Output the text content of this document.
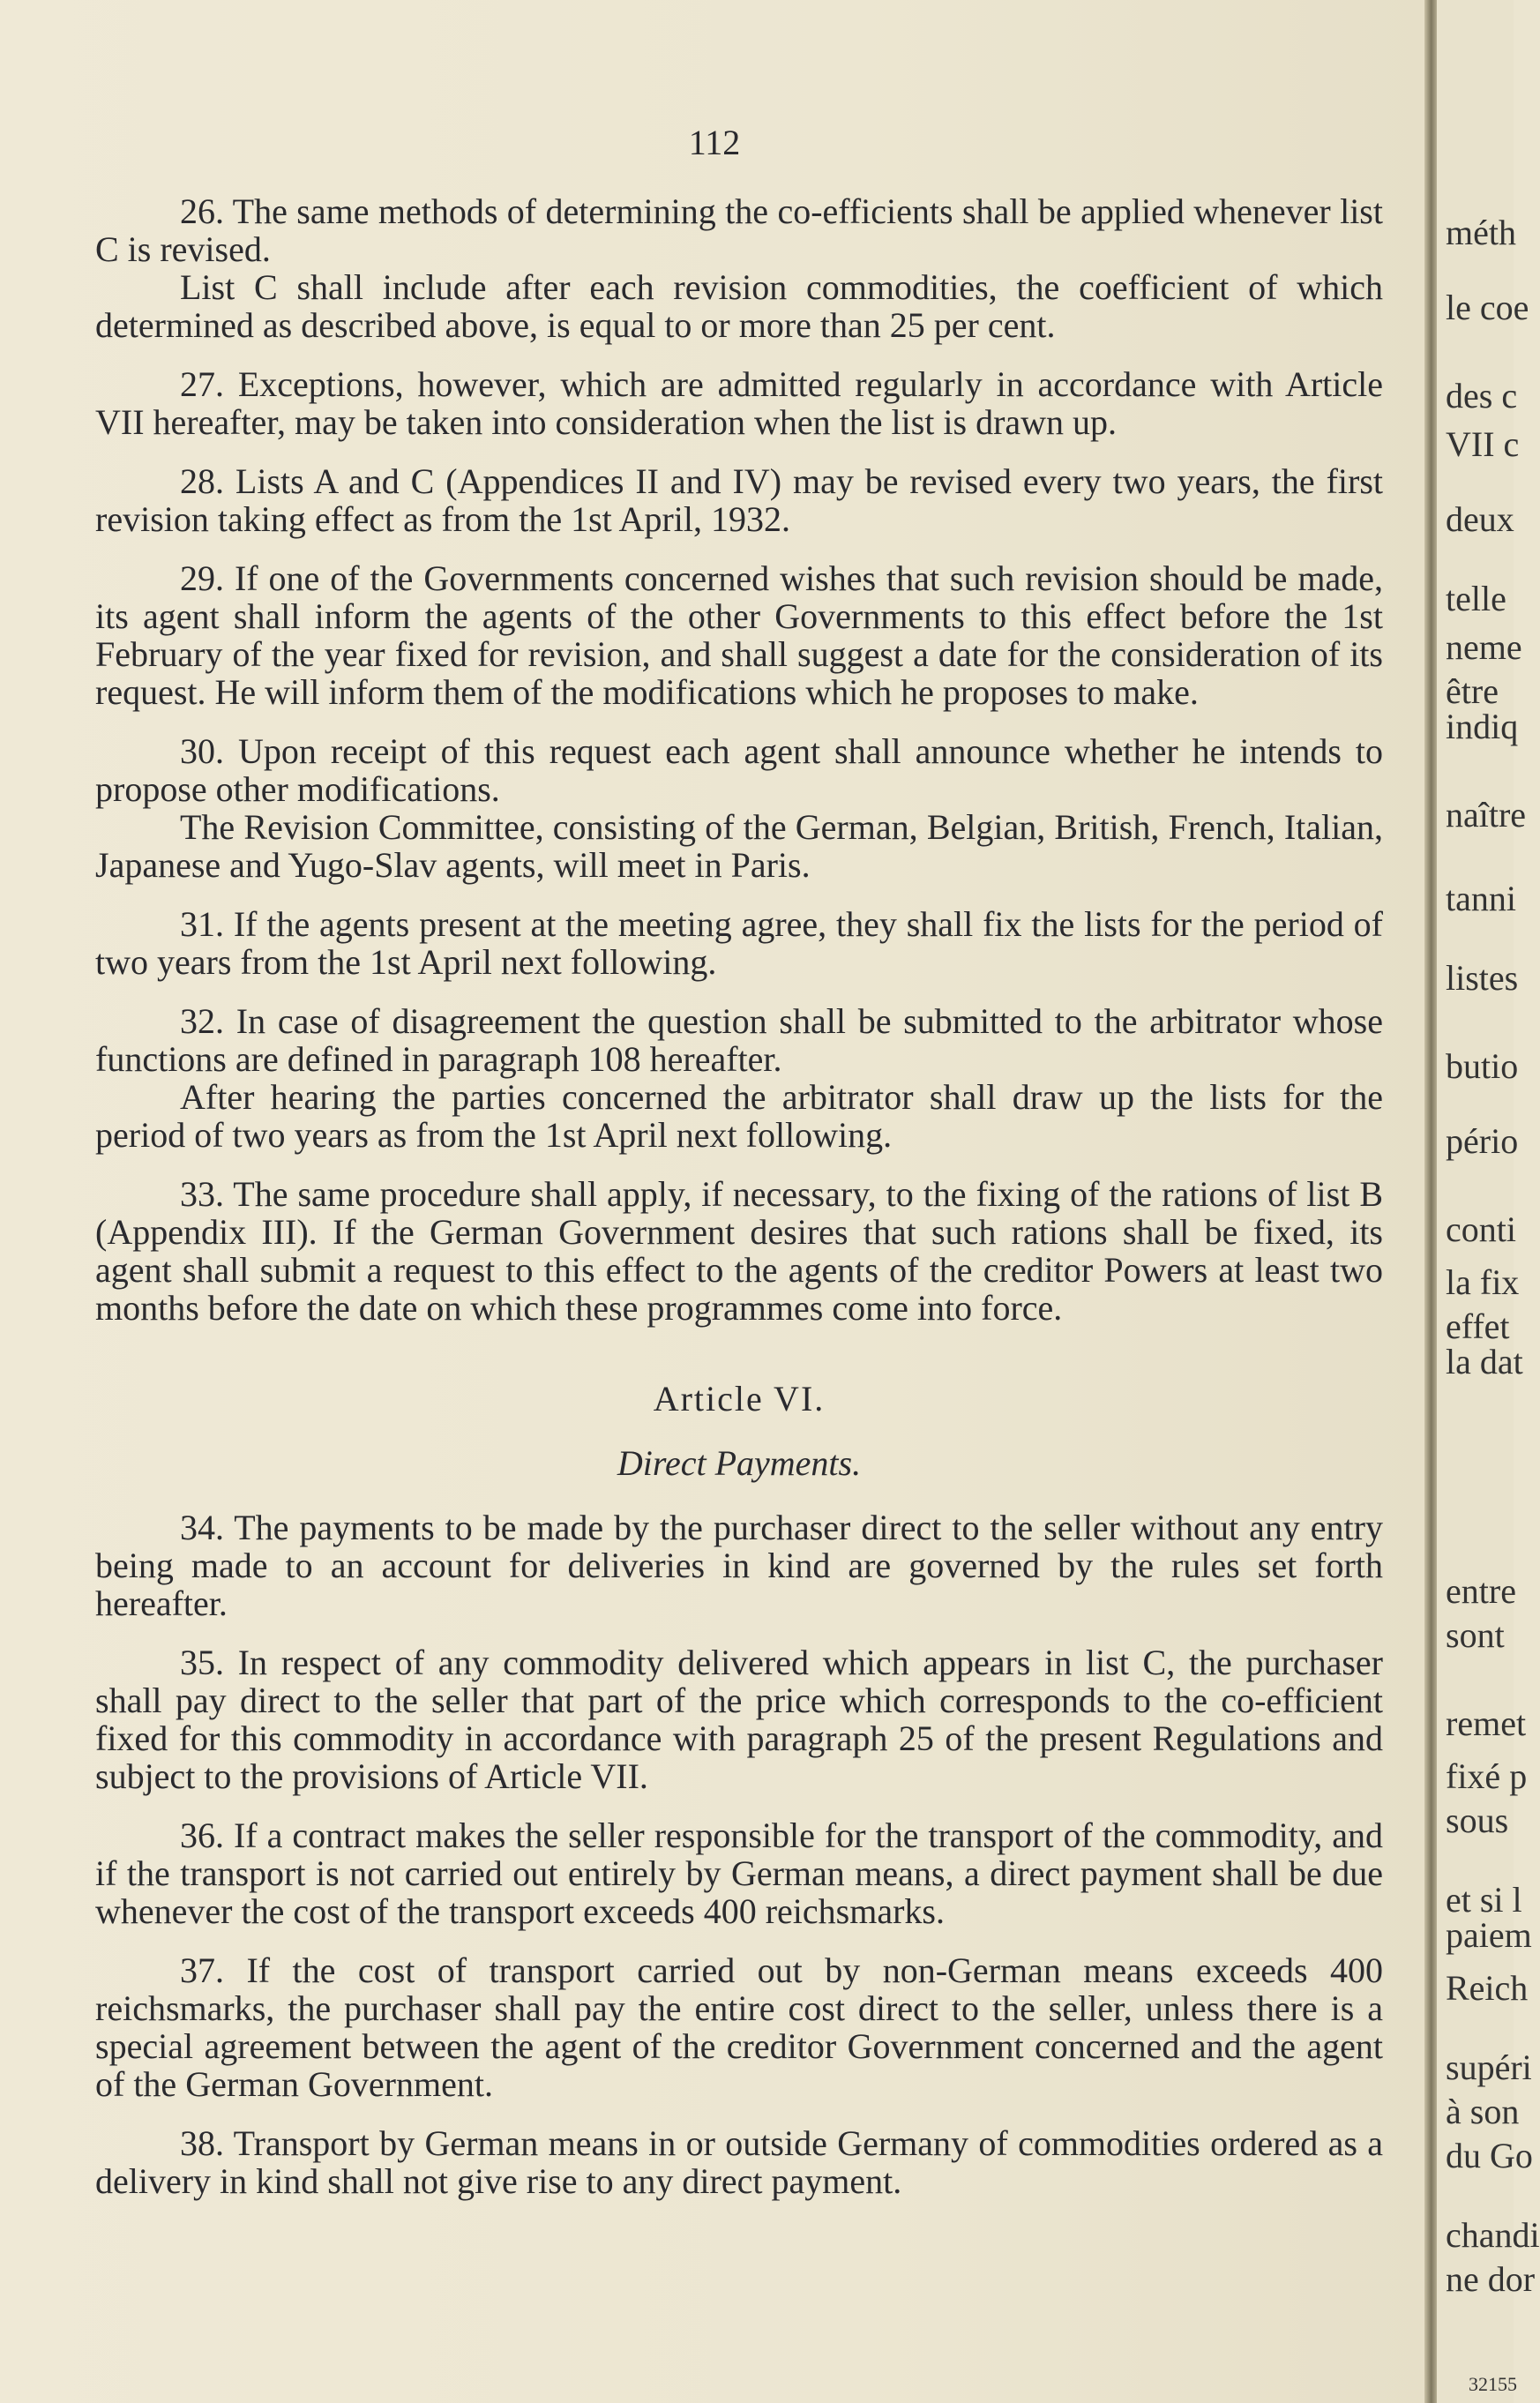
112

26. The same methods of determining the co-efficients shall be applied whenever list C is revised.

List C shall include after each revision commodities, the coefficient of which determined as described above, is equal to or more than 25 per cent.

27. Exceptions, however, which are admitted regularly in accordance with Article VII hereafter, may be taken into consideration when the list is drawn up.

28. Lists A and C (Appendices II and IV) may be revised every two years, the first revision taking effect as from the 1st April, 1932.

29. If one of the Governments concerned wishes that such revision should be made, its agent shall inform the agents of the other Governments to this effect before the 1st February of the year fixed for revision, and shall suggest a date for the consideration of its request. He will inform them of the modifications which he proposes to make.

30. Upon receipt of this request each agent shall announce whether he intends to propose other modifications.

The Revision Committee, consisting of the German, Belgian, British, French, Italian, Japanese and Yugo-Slav agents, will meet in Paris.

31. If the agents present at the meeting agree, they shall fix the lists for the period of two years from the 1st April next following.

32. In case of disagreement the question shall be submitted to the arbitrator whose functions are defined in paragraph 108 hereafter.

After hearing the parties concerned the arbitrator shall draw up the lists for the period of two years as from the 1st April next following.

33. The same procedure shall apply, if necessary, to the fixing of the rations of list B (Appendix III). If the German Government desires that such rations shall be fixed, its agent shall submit a request to this effect to the agents of the creditor Powers at least two months before the date on which these programmes come into force.

Article VI.
Direct Payments.

34. The payments to be made by the purchaser direct to the seller without any entry being made to an account for deliveries in kind are governed by the rules set forth hereafter.

35. In respect of any commodity delivered which appears in list C, the purchaser shall pay direct to the seller that part of the price which corresponds to the co-efficient fixed for this commodity in accordance with paragraph 25 of the present Regulations and subject to the provisions of Article VII.

36. If a contract makes the seller responsible for the transport of the commodity, and if the transport is not carried out entirely by German means, a direct payment shall be due whenever the cost of the transport exceeds 400 reichsmarks.

37. If the cost of transport carried out by non-German means exceeds 400 reichsmarks, the purchaser shall pay the entire cost direct to the seller, unless there is a special agreement between the agent of the creditor Government concerned and the agent of the German Government.

38. Transport by German means in or outside Germany of commodities ordered as a delivery in kind shall not give rise to any direct payment.

méth
le coe
des c
VII c
deux
telle
neme
être
indiq
naître
tanni
listes
butio
pério
conti
la fix
effet
la dat
entre
sont
remet
fixé p
sous
et si l
paiem
Reich
supéri
à son
du Go
chandi
ne dor
32155
